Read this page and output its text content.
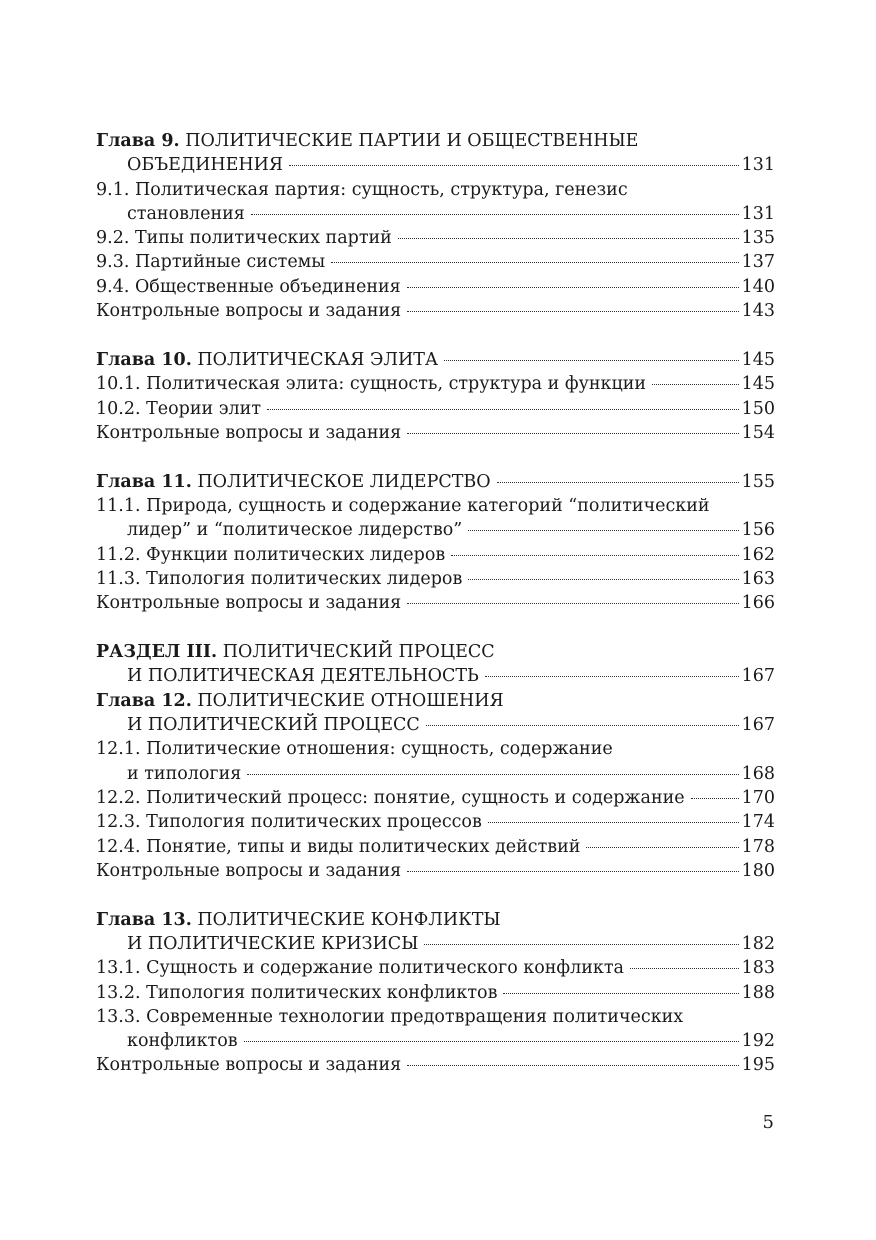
Глава 9. ПОЛИТИЧЕСКИЕ ПАРТИИ И ОБЩЕСТВЕННЫЕ
ОБЪЕДИНЕНИЯ	131
9.1. Политическая партия: сущность, структура, генезис
становления	131
9.2. Типы политических партий	135
9.3. Партийные системы	137
9.4. Общественные объединения	140
Контрольные вопросы и задания	143
Глава 10. ПОЛИТИЧЕСКАЯ ЭЛИТА	145
10.1. Политическая элита: сущность, структура и функции	145
10.2. Теории элит	150
Контрольные вопросы и задания	154
Глава 11. ПОЛИТИЧЕСКОЕ ЛИДЕРСТВО	155
11.1. Природа, сущность и содержание категорий “политический
лидер” и “политическое лидерство”	156
11.2. Функции политических лидеров	162
11.3. Типология политических лидеров	163
Контрольные вопросы и задания	166
РАЗДЕЛ III. ПОЛИТИЧЕСКИЙ ПРОЦЕСС
И ПОЛИТИЧЕСКАЯ ДЕЯТЕЛЬНОСТЬ	167
Глава 12. ПОЛИТИЧЕСКИЕ ОТНОШЕНИЯ
И ПОЛИТИЧЕСКИЙ ПРОЦЕСС	167
12.1. Политические отношения: сущность, содержание
и типология	168
12.2. Политический процесс: понятие, сущность и содержание	170
12.3. Типология политических процессов	174
12.4. Понятие, типы и виды политических действий	178
Контрольные вопросы и задания	180
Глава 13. ПОЛИТИЧЕСКИЕ КОНФЛИКТЫ
И ПОЛИТИЧЕСКИЕ КРИЗИСЫ	182
13.1. Сущность и содержание политического конфликта	183
13.2. Типология политических конфликтов	188
13.3. Современные технологии предотвращения политических
конфликтов	192
Контрольные вопросы и задания	195
5
